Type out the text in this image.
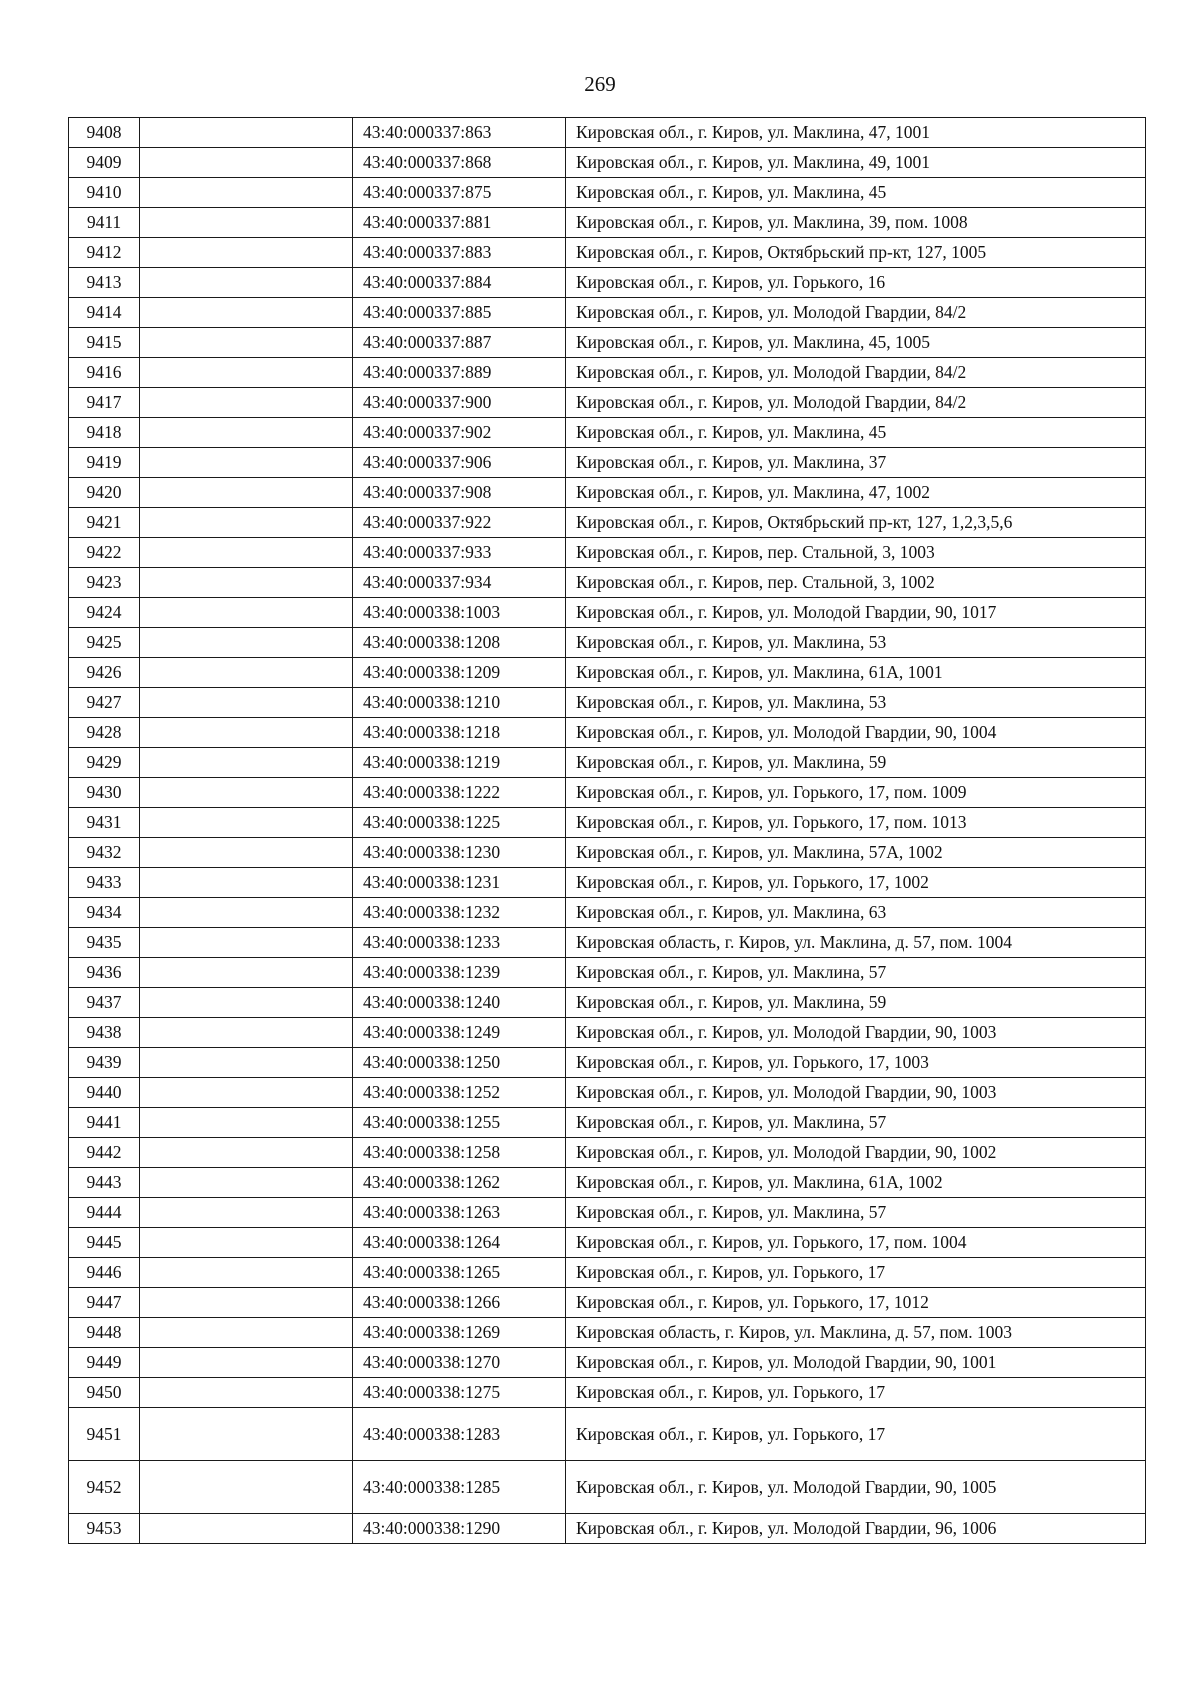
269
9408		43:40:000337:863	Кировская обл., г. Киров, ул. Маклина, 47, 1001
9409		43:40:000337:868	Кировская обл., г. Киров, ул. Маклина, 49, 1001
9410		43:40:000337:875	Кировская обл., г. Киров, ул. Маклина, 45
9411		43:40:000337:881	Кировская обл., г. Киров, ул. Маклина, 39, пом. 1008
9412		43:40:000337:883	Кировская обл., г. Киров, Октябрьский пр-кт, 127, 1005
9413		43:40:000337:884	Кировская обл., г. Киров, ул. Горького, 16
9414		43:40:000337:885	Кировская обл., г. Киров, ул. Молодой Гвардии, 84/2
9415		43:40:000337:887	Кировская обл., г. Киров, ул. Маклина, 45, 1005
9416		43:40:000337:889	Кировская обл., г. Киров, ул. Молодой Гвардии, 84/2
9417		43:40:000337:900	Кировская обл., г. Киров, ул. Молодой Гвардии, 84/2
9418		43:40:000337:902	Кировская обл., г. Киров, ул. Маклина, 45
9419		43:40:000337:906	Кировская обл., г. Киров, ул. Маклина, 37
9420		43:40:000337:908	Кировская обл., г. Киров, ул. Маклина, 47, 1002
9421		43:40:000337:922	Кировская обл., г. Киров, Октябрьский пр-кт, 127, 1,2,3,5,6
9422		43:40:000337:933	Кировская обл., г. Киров, пер. Стальной, 3, 1003
9423		43:40:000337:934	Кировская обл., г. Киров, пер. Стальной, 3, 1002
9424		43:40:000338:1003	Кировская обл., г. Киров, ул. Молодой Гвардии, 90, 1017
9425		43:40:000338:1208	Кировская обл., г. Киров, ул. Маклина, 53
9426		43:40:000338:1209	Кировская обл., г. Киров, ул. Маклина, 61А, 1001
9427		43:40:000338:1210	Кировская обл., г. Киров, ул. Маклина, 53
9428		43:40:000338:1218	Кировская обл., г. Киров, ул. Молодой Гвардии, 90, 1004
9429		43:40:000338:1219	Кировская обл., г. Киров, ул. Маклина, 59
9430		43:40:000338:1222	Кировская обл., г. Киров, ул. Горького, 17, пом. 1009
9431		43:40:000338:1225	Кировская обл., г. Киров, ул. Горького, 17, пом. 1013
9432		43:40:000338:1230	Кировская обл., г. Киров, ул. Маклина, 57А, 1002
9433		43:40:000338:1231	Кировская обл., г. Киров, ул. Горького, 17, 1002
9434		43:40:000338:1232	Кировская обл., г. Киров, ул. Маклина, 63
9435		43:40:000338:1233	Кировская область, г. Киров, ул. Маклина, д. 57, пом. 1004
9436		43:40:000338:1239	Кировская обл., г. Киров, ул. Маклина, 57
9437		43:40:000338:1240	Кировская обл., г. Киров, ул. Маклина, 59
9438		43:40:000338:1249	Кировская обл., г. Киров, ул. Молодой Гвардии, 90, 1003
9439		43:40:000338:1250	Кировская обл., г. Киров, ул. Горького, 17, 1003
9440		43:40:000338:1252	Кировская обл., г. Киров, ул. Молодой Гвардии, 90, 1003
9441		43:40:000338:1255	Кировская обл., г. Киров, ул. Маклина, 57
9442		43:40:000338:1258	Кировская обл., г. Киров, ул. Молодой Гвардии, 90, 1002
9443		43:40:000338:1262	Кировская обл., г. Киров, ул. Маклина, 61А, 1002
9444		43:40:000338:1263	Кировская обл., г. Киров, ул. Маклина, 57
9445		43:40:000338:1264	Кировская обл., г. Киров, ул. Горького, 17, пом. 1004
9446		43:40:000338:1265	Кировская обл., г. Киров, ул. Горького, 17
9447		43:40:000338:1266	Кировская обл., г. Киров, ул. Горького, 17, 1012
9448		43:40:000338:1269	Кировская область, г. Киров, ул. Маклина, д. 57, пом. 1003
9449		43:40:000338:1270	Кировская обл., г. Киров, ул. Молодой Гвардии, 90, 1001
9450		43:40:000338:1275	Кировская обл., г. Киров, ул. Горького, 17
9451		43:40:000338:1283	Кировская обл., г. Киров, ул. Горького, 17
9452		43:40:000338:1285	Кировская обл., г. Киров, ул. Молодой Гвардии, 90, 1005
9453		43:40:000338:1290	Кировская обл., г. Киров, ул. Молодой Гвардии, 96, 1006
